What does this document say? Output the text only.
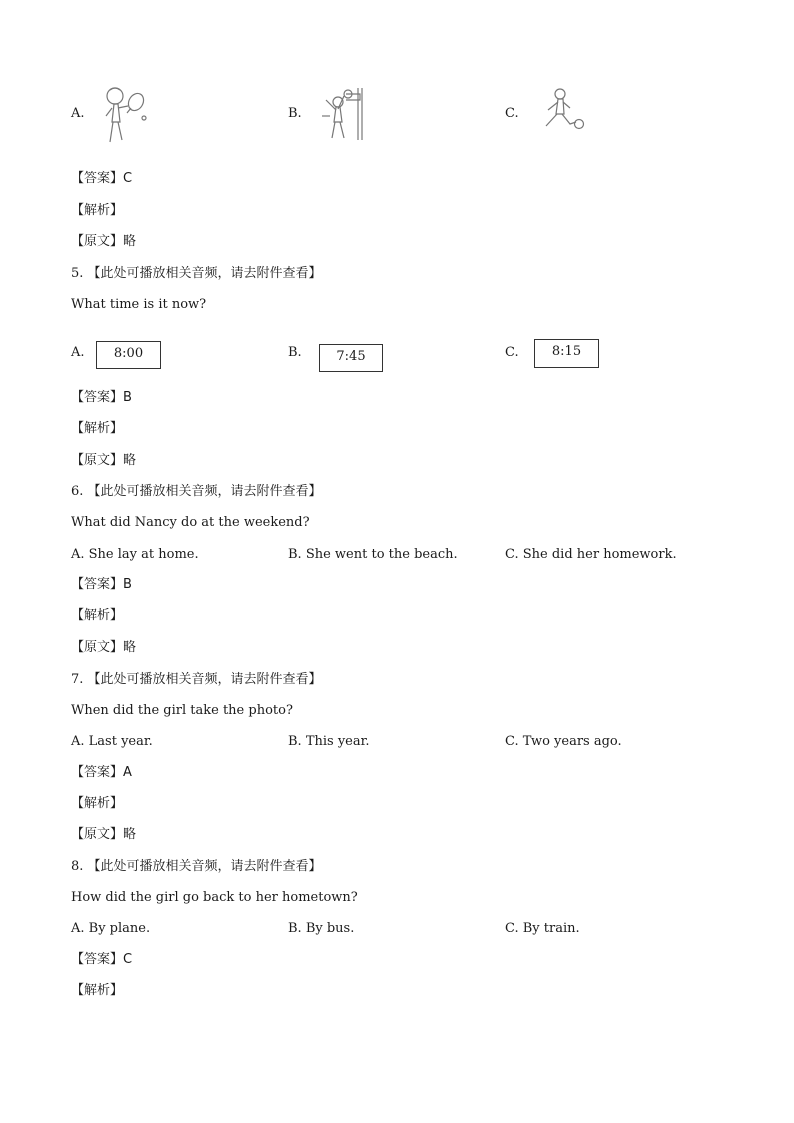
A.	B.	C.
【答案】C
【解析】
【原文】略
5. 【此处可播放相关音频，请去附件查看】
What time is it now?
A.	8:00	B.	7:45	C.	8:15
【答案】B
【解析】
【原文】略
6. 【此处可播放相关音频，请去附件查看】
What did Nancy do at the weekend?
A. She lay at home.	B. She went to the beach.	C. She did her homework.
【答案】B
【解析】
【原文】略
7. 【此处可播放相关音频，请去附件查看】
When did the girl take the photo?
A. Last year.	B. This year.	C. Two years ago.
【答案】A
【解析】
【原文】略
8. 【此处可播放相关音频，请去附件查看】
How did the girl go back to her hometown?
A. By plane.	B. By bus.	C. By train.
【答案】C
【解析】
